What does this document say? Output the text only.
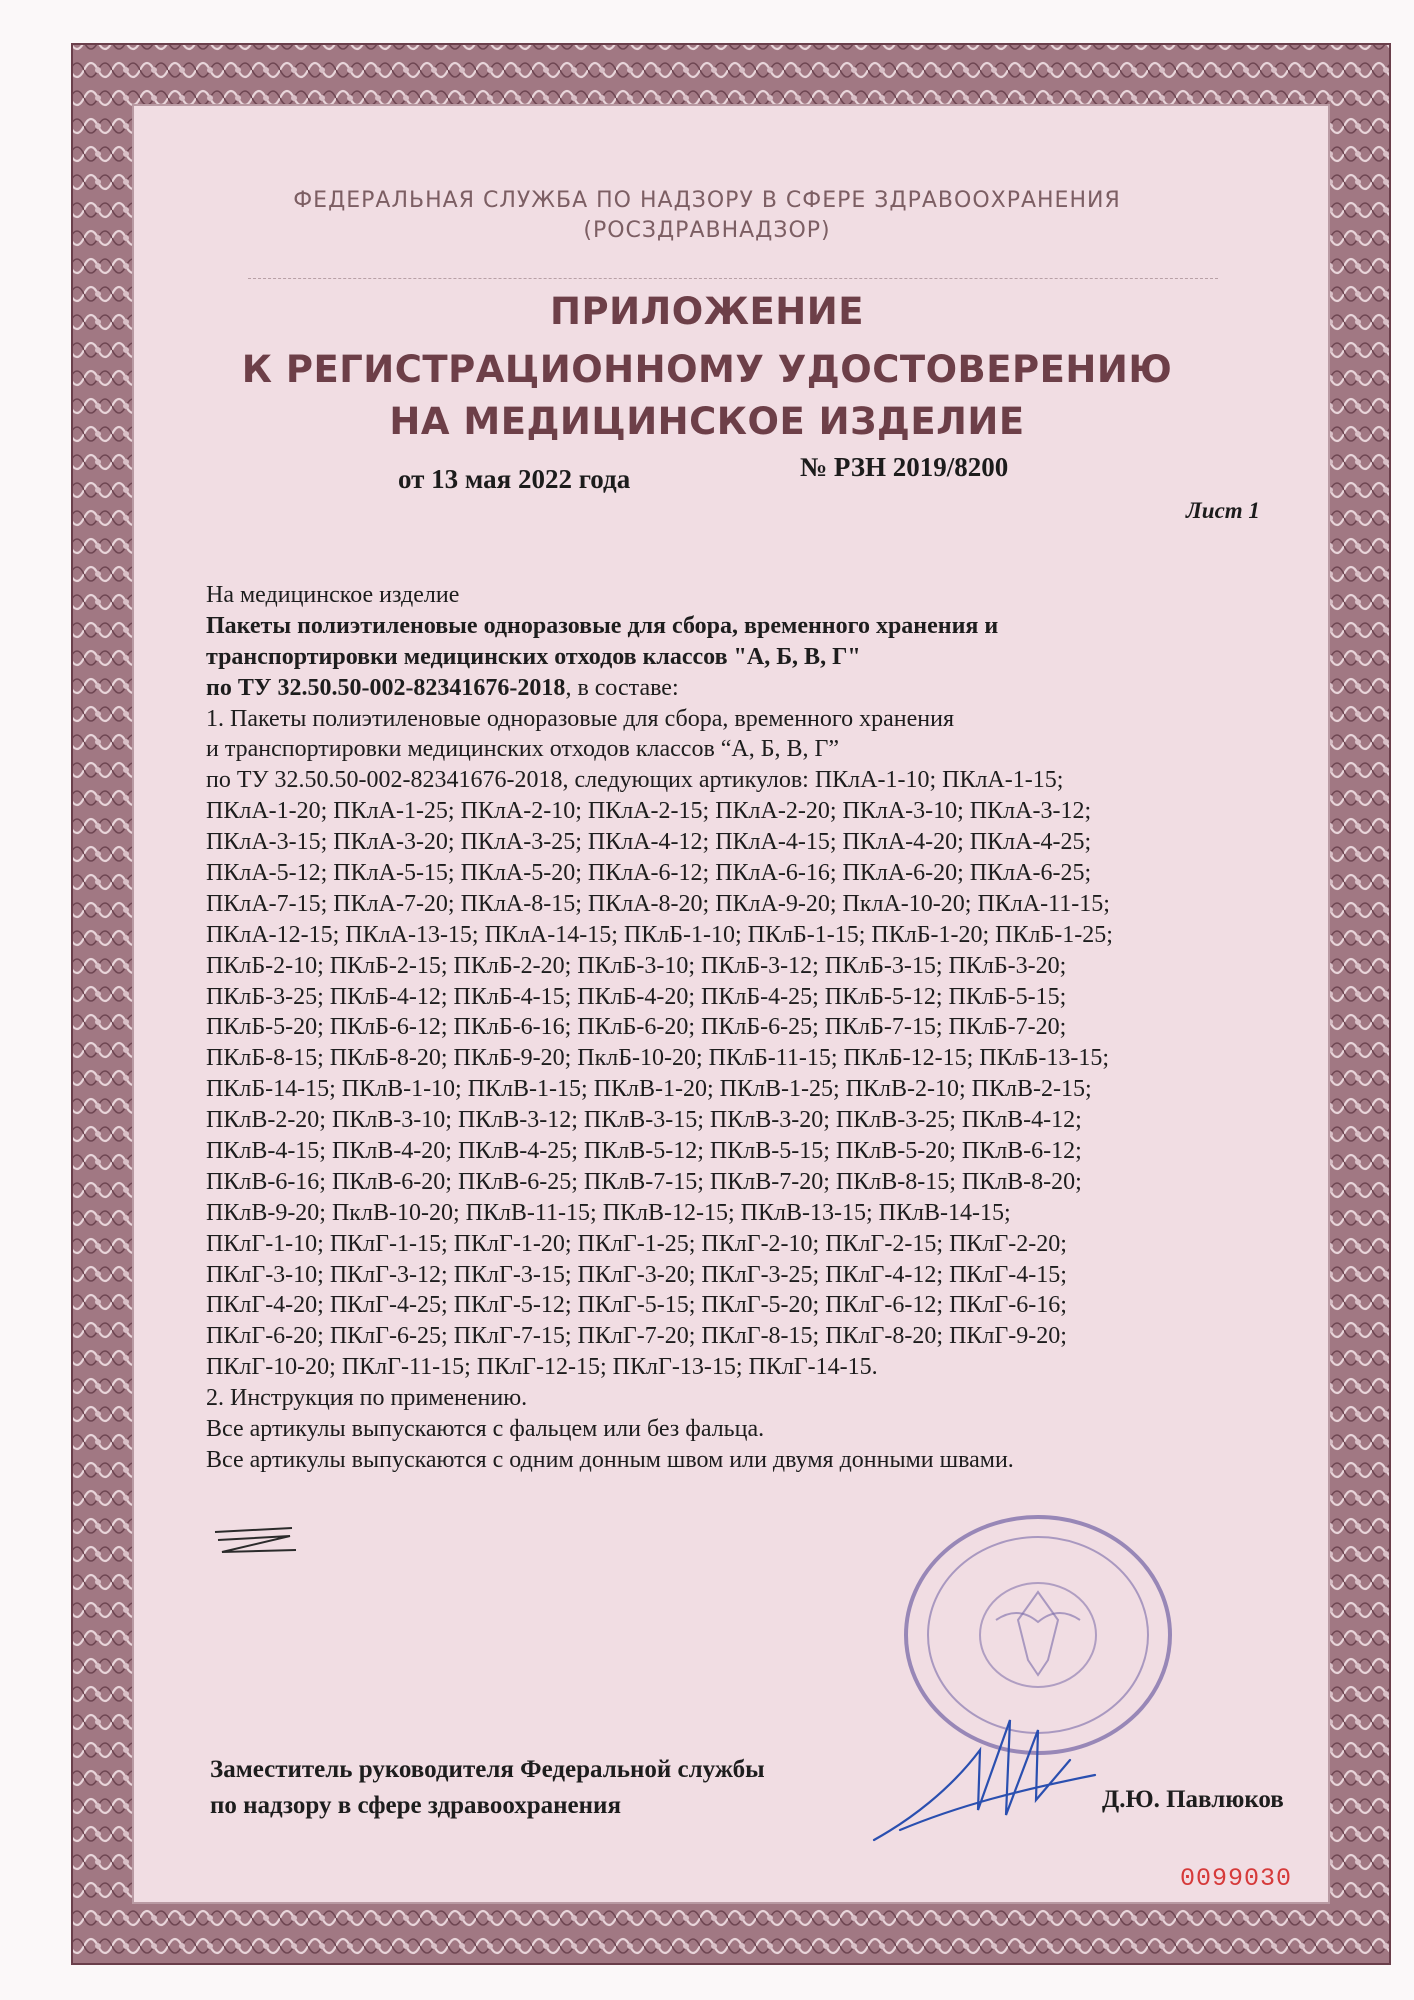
ФЕДЕРАЛЬНАЯ СЛУЖБА ПО НАДЗОРУ В СФЕРЕ ЗДРАВООХРАНЕНИЯ
(РОСЗДРАВНАДЗОР)
ПРИЛОЖЕНИЕ
К РЕГИСТРАЦИОННОМУ УДОСТОВЕРЕНИЮ
НА МЕДИЦИНСКОЕ ИЗДЕЛИЕ
от 13 мая 2022 года	№ РЗН 2019/8200
Лист 1
На медицинское изделие
Пакеты полиэтиленовые одноразовые для сбора, временного хранения и
транспортировки медицинских отходов классов "А, Б, В, Г"
по ТУ 32.50.50-002-82341676-2018, в составе:
1. Пакеты полиэтиленовые одноразовые для сбора, временного хранения
и транспортировки медицинских отходов классов “А, Б, В, Г”
по ТУ 32.50.50-002-82341676-2018, следующих артикулов: ПКлА-1-10; ПКлА-1-15;
ПКлА-1-20; ПКлА-1-25; ПКлА-2-10; ПКлА-2-15; ПКлА-2-20; ПКлА-3-10; ПКлА-3-12;
ПКлА-3-15; ПКлА-3-20; ПКлА-3-25; ПКлА-4-12; ПКлА-4-15; ПКлА-4-20; ПКлА-4-25;
ПКлА-5-12; ПКлА-5-15; ПКлА-5-20; ПКлА-6-12; ПКлА-6-16; ПКлА-6-20; ПКлА-6-25;
ПКлА-7-15; ПКлА-7-20; ПКлА-8-15; ПКлА-8-20; ПКлА-9-20; ПклА-10-20; ПКлА-11-15;
ПКлА-12-15; ПКлА-13-15; ПКлА-14-15; ПКлБ-1-10; ПКлБ-1-15; ПКлБ-1-20; ПКлБ-1-25;
ПКлБ-2-10; ПКлБ-2-15; ПКлБ-2-20; ПКлБ-3-10; ПКлБ-3-12; ПКлБ-3-15; ПКлБ-3-20;
ПКлБ-3-25; ПКлБ-4-12; ПКлБ-4-15; ПКлБ-4-20; ПКлБ-4-25; ПКлБ-5-12; ПКлБ-5-15;
ПКлБ-5-20; ПКлБ-6-12; ПКлБ-6-16; ПКлБ-6-20; ПКлБ-6-25; ПКлБ-7-15; ПКлБ-7-20;
ПКлБ-8-15; ПКлБ-8-20; ПКлБ-9-20; ПклБ-10-20; ПКлБ-11-15; ПКлБ-12-15; ПКлБ-13-15;
ПКлБ-14-15; ПКлВ-1-10; ПКлВ-1-15; ПКлВ-1-20; ПКлВ-1-25; ПКлВ-2-10; ПКлВ-2-15;
ПКлВ-2-20; ПКлВ-3-10; ПКлВ-3-12; ПКлВ-3-15; ПКлВ-3-20; ПКлВ-3-25; ПКлВ-4-12;
ПКлВ-4-15; ПКлВ-4-20; ПКлВ-4-25; ПКлВ-5-12; ПКлВ-5-15; ПКлВ-5-20; ПКлВ-6-12;
ПКлВ-6-16; ПКлВ-6-20; ПКлВ-6-25; ПКлВ-7-15; ПКлВ-7-20; ПКлВ-8-15; ПКлВ-8-20;
ПКлВ-9-20; ПклВ-10-20; ПКлВ-11-15; ПКлВ-12-15; ПКлВ-13-15; ПКлВ-14-15;
ПКлГ-1-10; ПКлГ-1-15; ПКлГ-1-20; ПКлГ-1-25; ПКлГ-2-10; ПКлГ-2-15; ПКлГ-2-20;
ПКлГ-3-10; ПКлГ-3-12; ПКлГ-3-15; ПКлГ-3-20; ПКлГ-3-25; ПКлГ-4-12; ПКлГ-4-15;
ПКлГ-4-20; ПКлГ-4-25; ПКлГ-5-12; ПКлГ-5-15; ПКлГ-5-20; ПКлГ-6-12; ПКлГ-6-16;
ПКлГ-6-20; ПКлГ-6-25; ПКлГ-7-15; ПКлГ-7-20; ПКлГ-8-15; ПКлГ-8-20; ПКлГ-9-20;
ПКлГ-10-20; ПКлГ-11-15; ПКлГ-12-15; ПКлГ-13-15; ПКлГ-14-15.
2. Инструкция по применению.
Все артикулы выпускаются с фальцем или без фальца.
Все артикулы выпускаются с одним донным швом или двумя донными швами.
Заместитель руководителя Федеральной службы
по надзору в сфере здравоохранения	Д.Ю. Павлюков
0099030
